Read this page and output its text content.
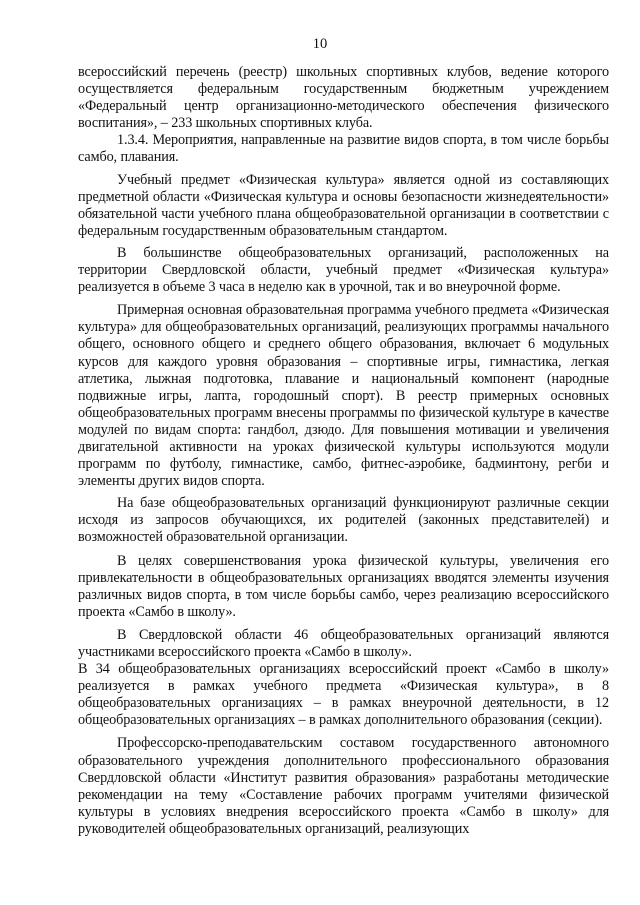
10

всероссийский перечень (реестр) школьных спортивных клубов, ведение которого осуществляется федеральным государственным бюджетным учреждением «Федеральный центр организационно-методического обеспечения физического воспитания», – 233 школьных спортивных клуба.

1.3.4. Мероприятия, направленные на развитие видов спорта, в том числе борьбы самбо, плавания.

Учебный предмет «Физическая культура» является одной из составляющих предметной области «Физическая культура и основы безопасности жизнедеятельности» обязательной части учебного плана общеобразовательной организации в соответствии с федеральным государственным образовательным стандартом.

В большинстве общеобразовательных организаций, расположенных на территории Свердловской области, учебный предмет «Физическая культура» реализуется в объеме 3 часа в неделю как в урочной, так и во внеурочной форме.

Примерная основная образовательная программа учебного предмета «Физическая культура» для общеобразовательных организаций, реализующих программы начального общего, основного общего и среднего общего образования, включает 6 модульных курсов для каждого уровня образования – спортивные игры, гимнастика, легкая атлетика, лыжная подготовка, плавание и национальный компонент (народные подвижные игры, лапта, городошный спорт). В реестр примерных основных общеобразовательных программ внесены программы по физической культуре в качестве модулей по видам спорта: гандбол, дзюдо. Для повышения мотивации и увеличения двигательной активности на уроках физической культуры используются модули программ по футболу, гимнастике, самбо, фитнес-аэробике, бадминтону, регби и элементы других видов спорта.

На базе общеобразовательных организаций функционируют различные секции исходя из запросов обучающихся, их родителей (законных представителей) и возможностей образовательной организации.

В целях совершенствования урока физической культуры, увеличения его привлекательности в общеобразовательных организациях вводятся элементы изучения различных видов спорта, в том числе борьбы самбо, через реализацию всероссийского проекта «Самбо в школу».

В Свердловской области 46 общеобразовательных организаций являются участниками всероссийского проекта «Самбо в школу».

В 34 общеобразовательных организациях всероссийский проект «Самбо в школу» реализуется в рамках учебного предмета «Физическая культура», в 8 общеобразовательных организациях – в рамках внеурочной деятельности, в 12 общеобразовательных организациях – в рамках дополнительного образования (секции).

Профессорско-преподавательским составом государственного автономного образовательного учреждения дополнительного профессионального образования Свердловской области «Институт развития образования» разработаны методические рекомендации на тему «Составление рабочих программ учителями физической культуры в условиях внедрения всероссийского проекта «Самбо в школу» для руководителей общеобразовательных организаций, реализующих
